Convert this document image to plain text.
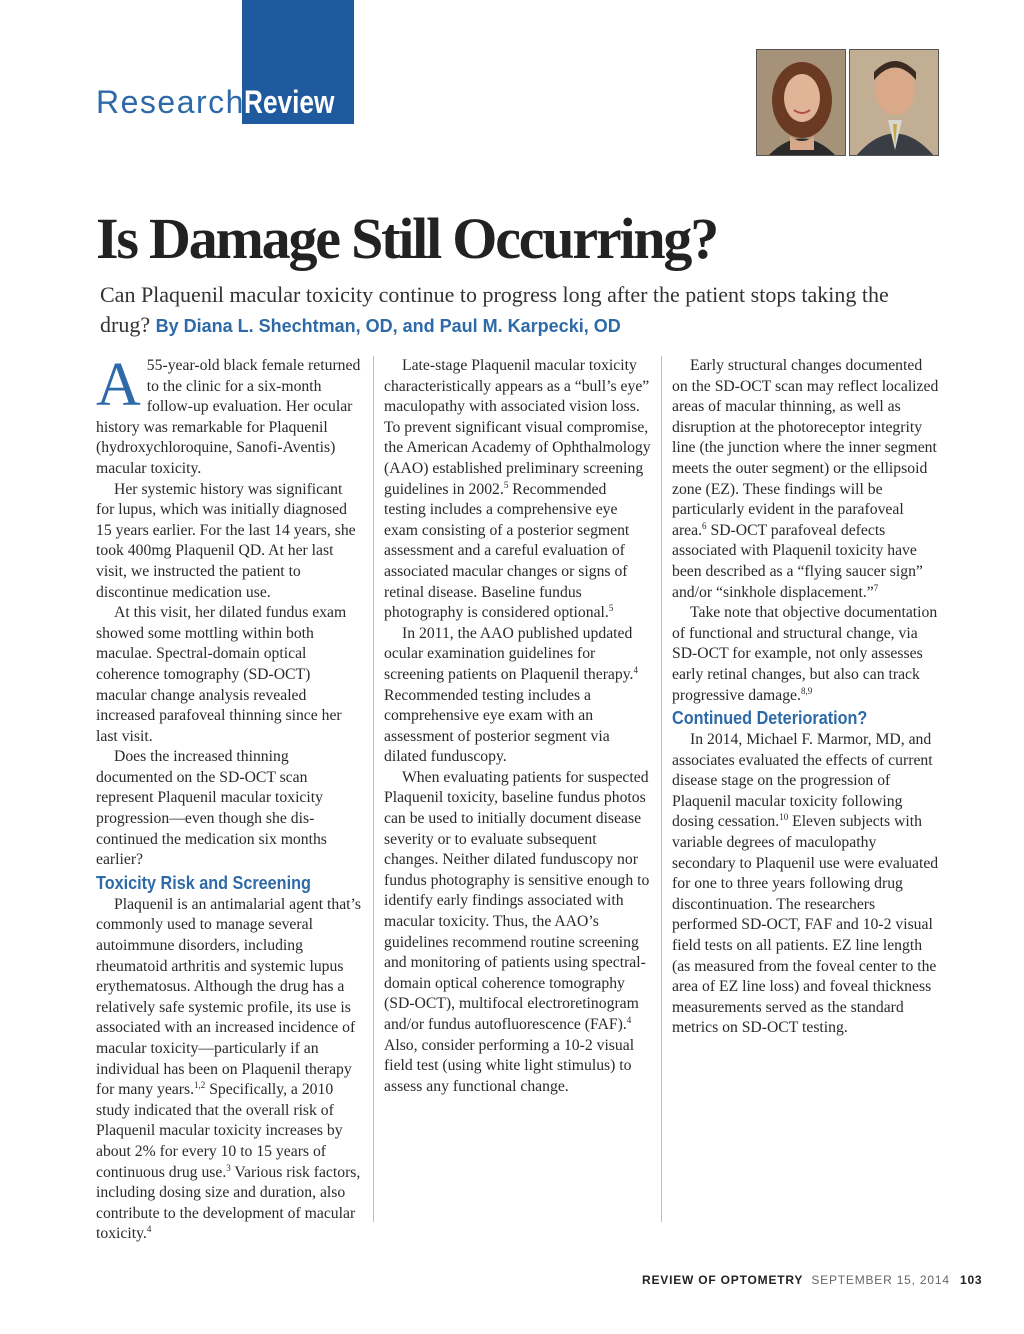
Research Review
Is Damage Still Occurring?
Can Plaquenil macular toxicity continue to progress long after the patient stops taking the drug? By Diana L. Shechtman, OD, and Paul M. Karpecki, OD

A 55-year-old black female returned to the clinic for a six-month follow-up evaluation. Her ocular history was remarkable for Plaquenil (hydroxychloroquine, Sanofi-Aventis) macular toxicity.

Her systemic history was significant for lupus, which was initially diagnosed 15 years earlier. For the last 14 years, she took 400mg Plaquenil QD. At her last visit, we instructed the patient to discontinue medication use.

At this visit, her dilated fundus exam showed some mottling within both maculae. Spectral-domain optical coherence tomography (SD-OCT) macular change analysis revealed increased parafoveal thinning since her last visit.

Does the increased thinning documented on the SD-OCT scan represent Plaquenil macular toxicity progression—even though she discontinued the medication six months earlier?

Toxicity Risk and Screening

Plaquenil is an antimalarial agent that’s commonly used to manage several autoimmune disorders, including rheumatoid arthritis and systemic lupus erythematosus. Although the drug has a relatively safe systemic profile, its use is associated with an increased incidence of macular toxicity—particularly if an individual has been on Plaquenil therapy for many years.$^{1,2}$ Specifically, a 2010 study indicated that the overall risk of Plaquenil macular toxicity increases by about 2% for every 10 to 15 years of continuous drug use.$^3$ Various risk factors, including dosing size and duration, also contribute to the development of macular toxicity.$^4$

Late-stage Plaquenil macular toxicity characteristically appears as a “bull’s eye” maculopathy with associated vision loss. To prevent significant visual compromise, the American Academy of Ophthalmology (AAO) established preliminary screening guidelines in 2002.$^5$ Recommended testing includes a comprehensive eye exam consisting of a posterior segment assessment and a careful evaluation of associated macular changes or signs of retinal disease. Baseline fundus photography is considered optional.$^5$

In 2011, the AAO published updated ocular examination guidelines for screening patients on Plaquenil therapy.$^4$ Recommended testing includes a comprehensive eye exam with an assessment of posterior segment via dilated funduscopy.

When evaluating patients for suspected Plaquenil toxicity, baseline fundus photos can be used to initially document disease severity or to evaluate subsequent changes. Neither dilated funduscopy nor fundus photography is sensitive enough to identify early findings associated with macular toxicity. Thus, the AAO’s guidelines recommend routine screening and monitoring of patients using spectral-domain optical coherence tomography (SD-OCT), multifocal electroretinogram and/or fundus autofluorescence (FAF).$^4$ Also, consider performing a 10-2 visual field test (using white light stimulus) to assess any functional change.

Early structural changes documented on the SD-OCT scan may reflect localized areas of macular thinning, as well as disruption at the photoreceptor integrity line (the junction where the inner segment meets the outer segment) or the ellipsoid zone (EZ). These findings will be particularly evident in the parafoveal area.$^6$ SD-OCT parafoveal defects associated with Plaquenil toxicity have been described as a “flying saucer sign” and/or “sinkhole displacement.”$^7$

Take note that objective documentation of functional and structural change, via SD-OCT for example, not only assesses early retinal changes, but also can track progressive damage.$^{8,9}$

Continued Deterioration?

In 2014, Michael F. Marmor, MD, and associates evaluated the effects of current disease stage on the progression of Plaquenil macular toxicity following dosing cessation.$^{10}$ Eleven subjects with variable degrees of maculopathy secondary to Plaquenil use were evaluated for one to three years following drug discontinuation. The researchers performed SD-OCT, FAF and 10-2 visual field tests on all patients. EZ line length (as measured from the foveal center to the area of EZ line loss) and foveal thickness measurements served as the standard metrics on SD-OCT testing.

REVIEW OF OPTOMETRY SEPTEMBER 15, 2014 103
